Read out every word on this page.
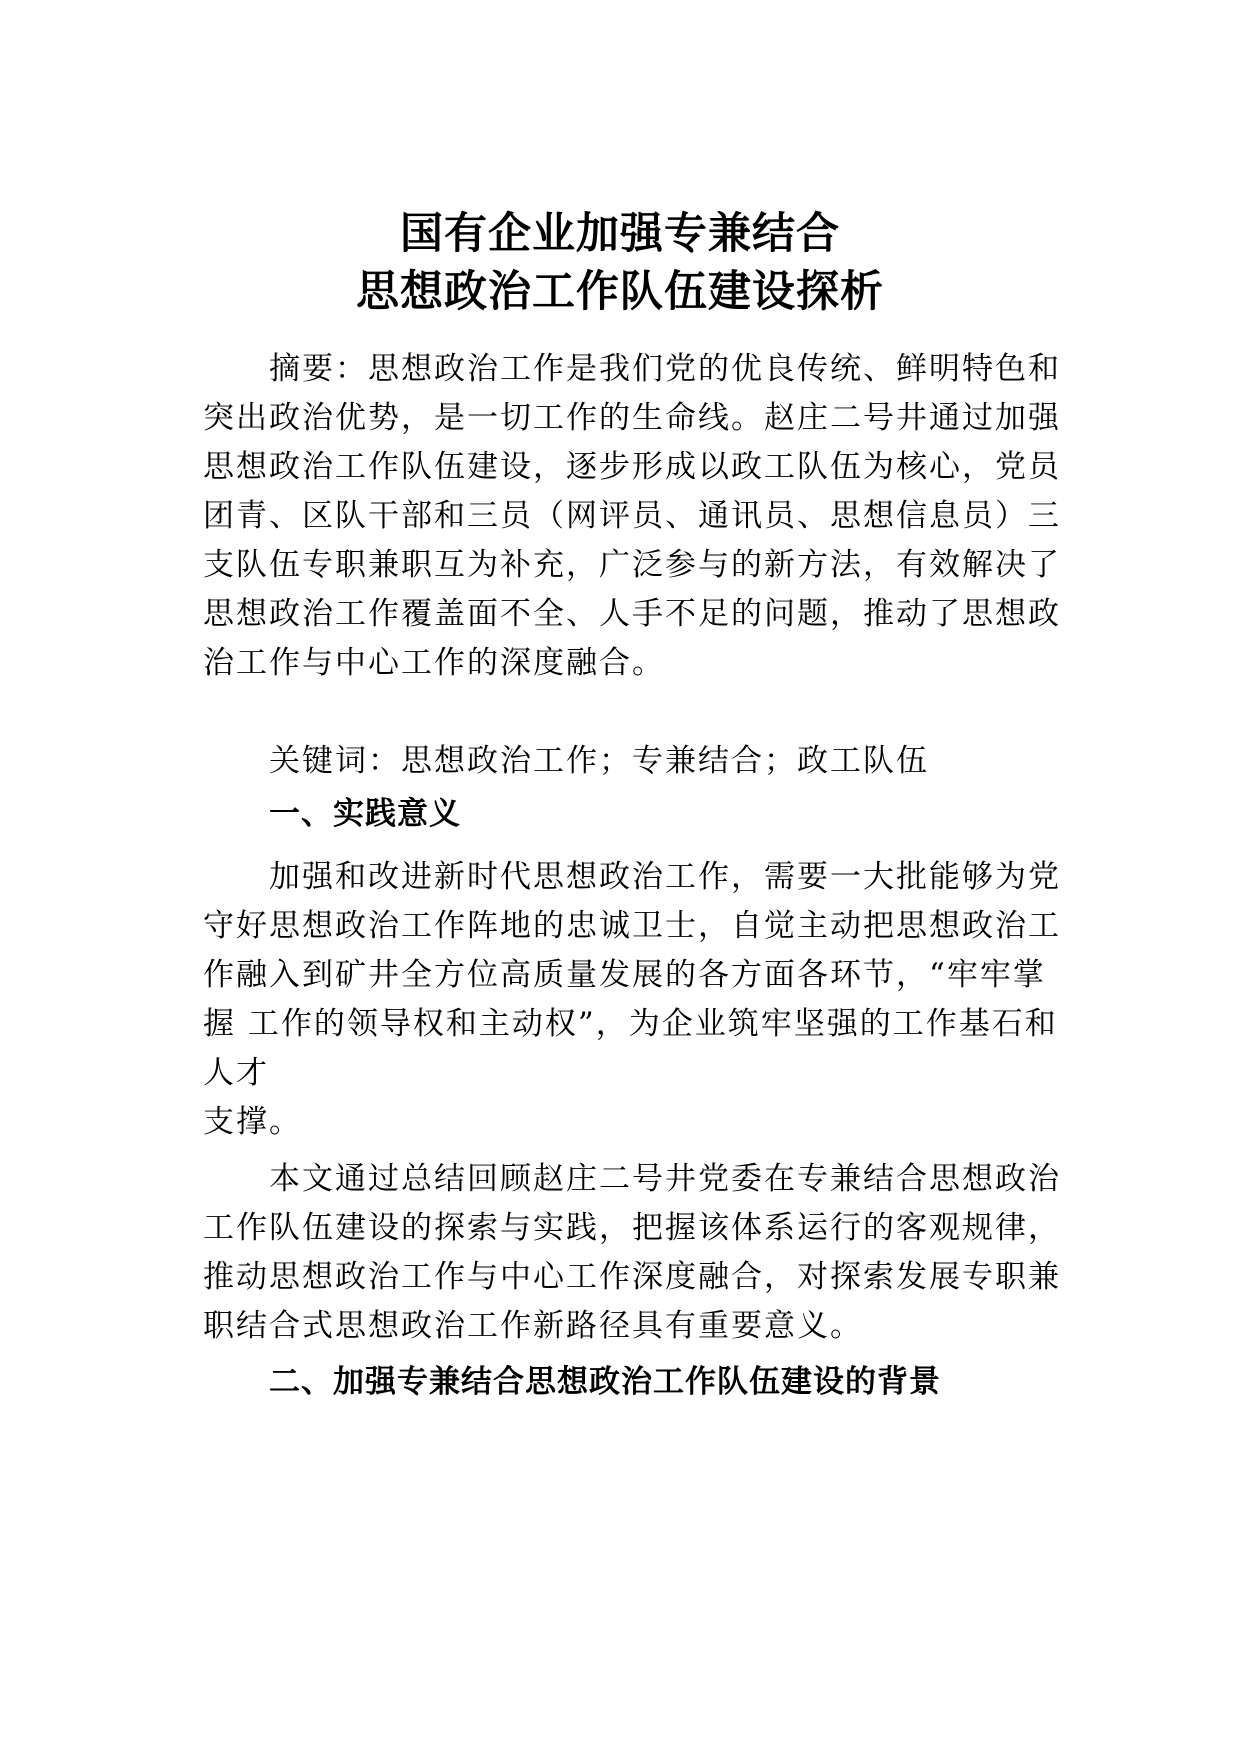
国有企业加强专兼结合
思想政治工作队伍建设探析
摘要：思想政治工作是我们党的优良传统、鲜明特色和
突出政治优势，是一切工作的生命线。赵庄二号井通过加强
思想政治工作队伍建设，逐步形成以政工队伍为核心，党员
团青、区队干部和三员（网评员、通讯员、思想信息员）三
支队伍专职兼职互为补充，广泛参与的新方法，有效解决了
思想政治工作覆盖面不全、人手不足的问题，推动了思想政
治工作与中心工作的深度融合。
关键词：思想政治工作；专兼结合；政工队伍
一、实践意义
加强和改进新时代思想政治工作，需要一大批能够为党
守好思想政治工作阵地的忠诚卫士，自觉主动把思想政治工
作融入到矿井全方位高质量发展的各方面各环节，“牢牢掌
握 工作的领导权和主动权”，为企业筑牢坚强的工作基石和
人才
支撑。
本文通过总结回顾赵庄二号井党委在专兼结合思想政治
工作队伍建设的探索与实践，把握该体系运行的客观规律，
推动思想政治工作与中心工作深度融合，对探索发展专职兼
职结合式思想政治工作新路径具有重要意义。
二、加强专兼结合思想政治工作队伍建设的背景
